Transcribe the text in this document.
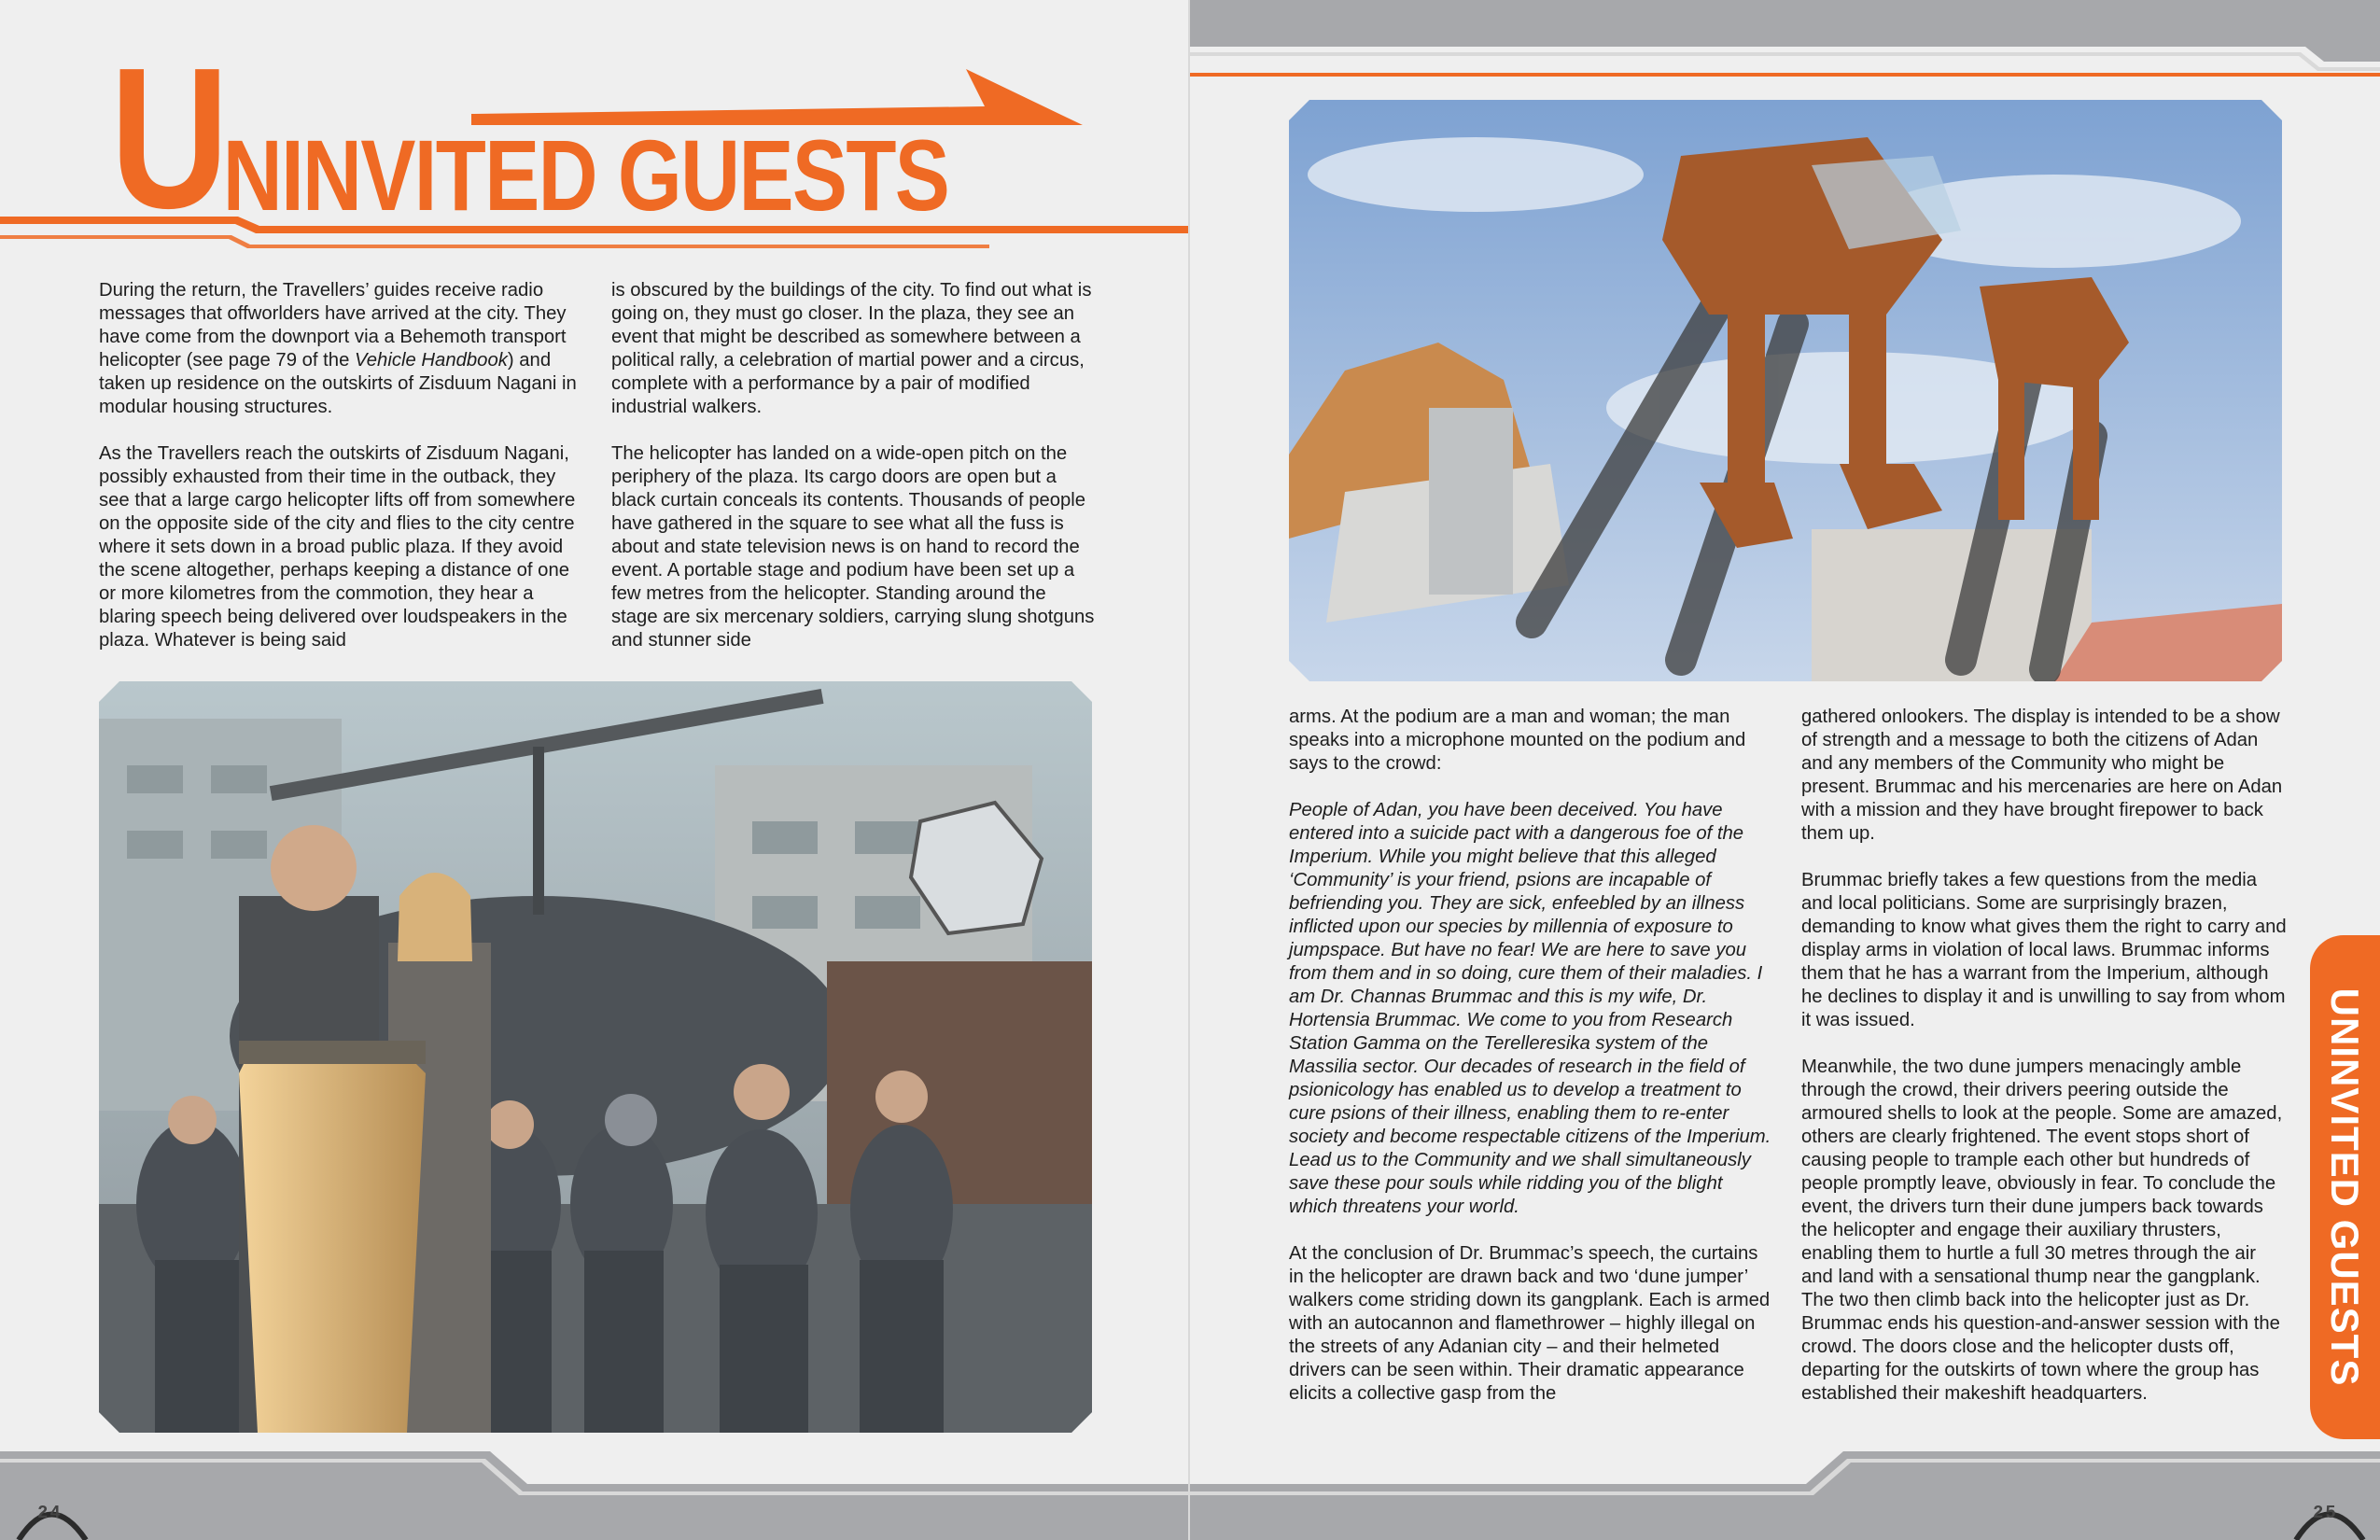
UNINVITED GUESTS

During the return, the Travellers’ guides receive radio messages that offworlders have arrived at the city. They have come from the downport via a Behemoth transport helicopter (see page 79 of the Vehicle Handbook) and taken up residence on the outskirts of Zisduum Nagani in modular housing structures.

As the Travellers reach the outskirts of Zisduum Nagani, possibly exhausted from their time in the outback, they see that a large cargo helicopter lifts off from somewhere on the opposite side of the city and flies to the city centre where it sets down in a broad public plaza. If they avoid the scene altogether, perhaps keeping a distance of one or more kilometres from the commotion, they hear a blaring speech being delivered over loudspeakers in the plaza. Whatever is being said

is obscured by the buildings of the city. To find out what is going on, they must go closer. In the plaza, they see an event that might be described as somewhere between a political rally, a celebration of martial power and a circus, complete with a performance by a pair of modified industrial walkers.

The helicopter has landed on a wide-open pitch on the periphery of the plaza. Its cargo doors are open but a black curtain conceals its contents. Thousands of people have gathered in the square to see what all the fuss is about and state television news is on hand to record the event. A portable stage and podium have been set up a few metres from the helicopter. Standing around the stage are six mercenary soldiers, carrying slung shotguns and stunner side

24

arms. At the podium are a man and woman; the man speaks into a microphone mounted on the podium and says to the crowd:

People of Adan, you have been deceived. You have entered into a suicide pact with a dangerous foe of the Imperium. While you might believe that this alleged ‘Community’ is your friend, psions are incapable of befriending you. They are sick, enfeebled by an illness inflicted upon our species by millennia of exposure to jumpspace. But have no fear! We are here to save you from them and in so doing, cure them of their maladies. I am Dr. Channas Brummac and this is my wife, Dr. Hortensia Brummac. We come to you from Research Station Gamma on the Terelleresika system of the Massilia sector. Our decades of research in the field of psionicology has enabled us to develop a treatment to cure psions of their illness, enabling them to re-enter society and become respectable citizens of the Imperium. Lead us to the Community and we shall simultaneously save these pour souls while ridding you of the blight which threatens your world.

At the conclusion of Dr. Brummac’s speech, the curtains in the helicopter are drawn back and two ‘dune jumper’ walkers come striding down its gangplank. Each is armed with an autocannon and flamethrower – highly illegal on the streets of any Adanian city – and their helmeted drivers can be seen within. Their dramatic appearance elicits a collective gasp from the

gathered onlookers. The display is intended to be a show of strength and a message to both the citizens of Adan and any members of the Community who might be present. Brummac and his mercenaries are here on Adan with a mission and they have brought firepower to back them up.

Brummac briefly takes a few questions from the media and local politicians. Some are surprisingly brazen, demanding to know what gives them the right to carry and display arms in violation of local laws. Brummac informs them that he has a warrant from the Imperium, although he declines to display it and is unwilling to say from whom it was issued.

Meanwhile, the two dune jumpers menacingly amble through the crowd, their drivers peering outside the armoured shells to look at the people. Some are amazed, others are clearly frightened. The event stops short of causing people to trample each other but hundreds of people promptly leave, obviously in fear. To conclude the event, the drivers turn their dune jumpers back towards the helicopter and engage their auxiliary thrusters, enabling them to hurtle a full 30 metres through the air and land with a sensational thump near the gangplank. The two then climb back into the helicopter just as Dr. Brummac ends his question-and-answer session with the crowd. The doors close and the helicopter dusts off, departing for the outskirts of town where the group has established their makeshift headquarters.

25
UNINVITED GUESTS
